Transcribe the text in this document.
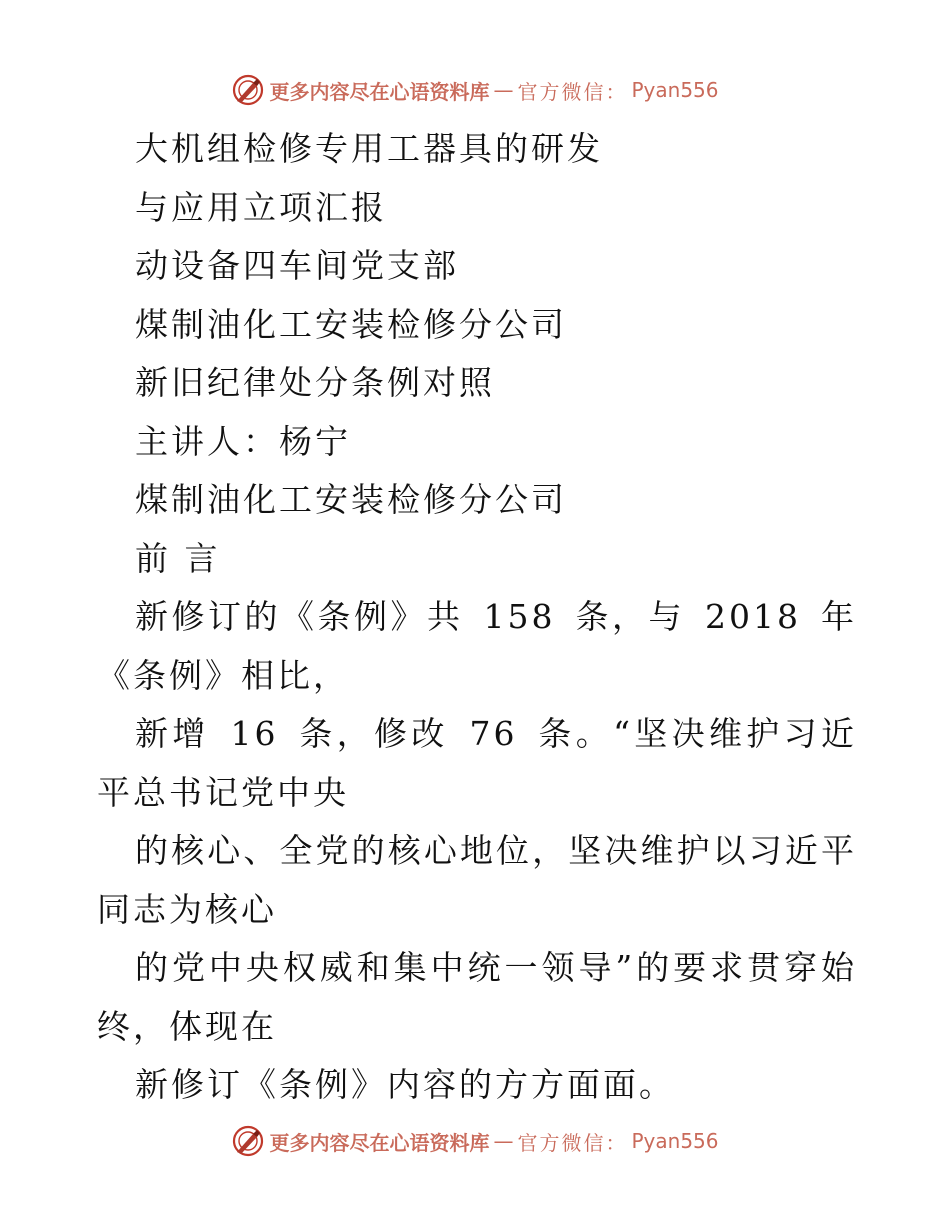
更多内容尽在心语资料库 — 官方微信： Pyan556

大机组检修专用工器具的研发

与应用立项汇报

动设备四车间党支部

煤制油化工安装检修分公司

新旧纪律处分条例对照

主讲人：杨宁

煤制油化工安装检修分公司

前 言

新修订的《条例》共 158 条，与 2018 年《条例》相比，

新增 16 条，修改 76 条。“坚决维护习近平总书记党中央

的核心、全党的核心地位，坚决维护以习近平同志为核心

的党中央权威和集中统一领导”的要求贯穿始终，体现在

新修订《条例》内容的方方面面。

更多内容尽在心语资料库 — 官方微信： Pyan556
